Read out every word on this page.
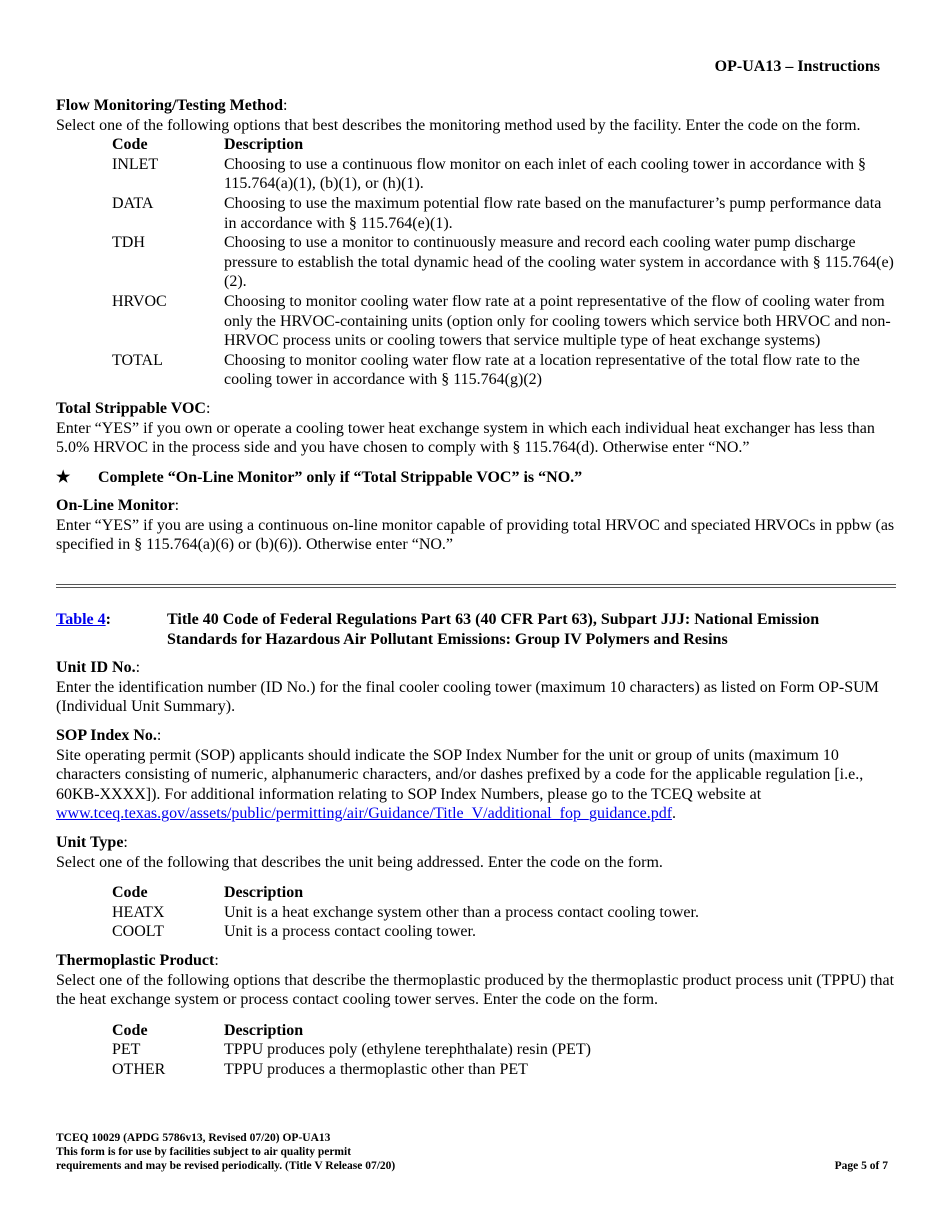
OP-UA13 – Instructions

Flow Monitoring/Testing Method:

Select one of the following options that best describes the monitoring method used by the facility. Enter the code on the form.

Code	Description
INLET	Choosing to use a continuous flow monitor on each inlet of each cooling tower in accordance with § 115.764(a)(1), (b)(1), or (h)(1).
DATA	Choosing to use the maximum potential flow rate based on the manufacturer’s pump performance data in accordance with § 115.764(e)(1).
TDH	Choosing to use a monitor to continuously measure and record each cooling water pump discharge pressure to establish the total dynamic head of the cooling water system in accordance with § 115.764(e)(2).
HRVOC	Choosing to monitor cooling water flow rate at a point representative of the flow of cooling water from only the HRVOC-containing units (option only for cooling towers which service both HRVOC and non-HRVOC process units or cooling towers that service multiple type of heat exchange systems)
TOTAL	Choosing to monitor cooling water flow rate at a location representative of the total flow rate to the cooling tower in accordance with § 115.764(g)(2)

Total Strippable VOC:

Enter “YES” if you own or operate a cooling tower heat exchange system in which each individual heat exchanger has less than 5.0% HRVOC in the process side and you have chosen to comply with § 115.764(d). Otherwise enter “NO.”

★	Complete “On-Line Monitor” only if “Total Strippable VOC” is “NO.”

On-Line Monitor:

Enter “YES” if you are using a continuous on-line monitor capable of providing total HRVOC and speciated HRVOCs in ppbw (as specified in § 115.764(a)(6) or (b)(6)). Otherwise enter “NO.”

Table 4:	Title 40 Code of Federal Regulations Part 63 (40 CFR Part 63), Subpart JJJ: National Emission Standards for Hazardous Air Pollutant Emissions: Group IV Polymers and Resins

Unit ID No.:

Enter the identification number (ID No.) for the final cooler cooling tower (maximum 10 characters) as listed on Form OP-SUM (Individual Unit Summary).

SOP Index No.:

Site operating permit (SOP) applicants should indicate the SOP Index Number for the unit or group of units (maximum 10 characters consisting of numeric, alphanumeric characters, and/or dashes prefixed by a code for the applicable regulation [i.e., 60KB-XXXX]). For additional information relating to SOP Index Numbers, please go to the TCEQ website at www.tceq.texas.gov/assets/public/permitting/air/Guidance/Title_V/additional_fop_guidance.pdf.

Unit Type:

Select one of the following that describes the unit being addressed. Enter the code on the form.

Code	Description
HEATX	Unit is a heat exchange system other than a process contact cooling tower.
COOLT	Unit is a process contact cooling tower.

Thermoplastic Product:

Select one of the following options that describe the thermoplastic produced by the thermoplastic product process unit (TPPU) that the heat exchange system or process contact cooling tower serves. Enter the code on the form.

Code	Description
PET	TPPU produces poly (ethylene terephthalate) resin (PET)
OTHER	TPPU produces a thermoplastic other than PET
TCEQ 10029 (APDG 5786v13, Revised 07/20) OP-UA13
This form is for use by facilities subject to air quality permit
requirements and may be revised periodically. (Title V Release 07/20)	Page 5 of 7
